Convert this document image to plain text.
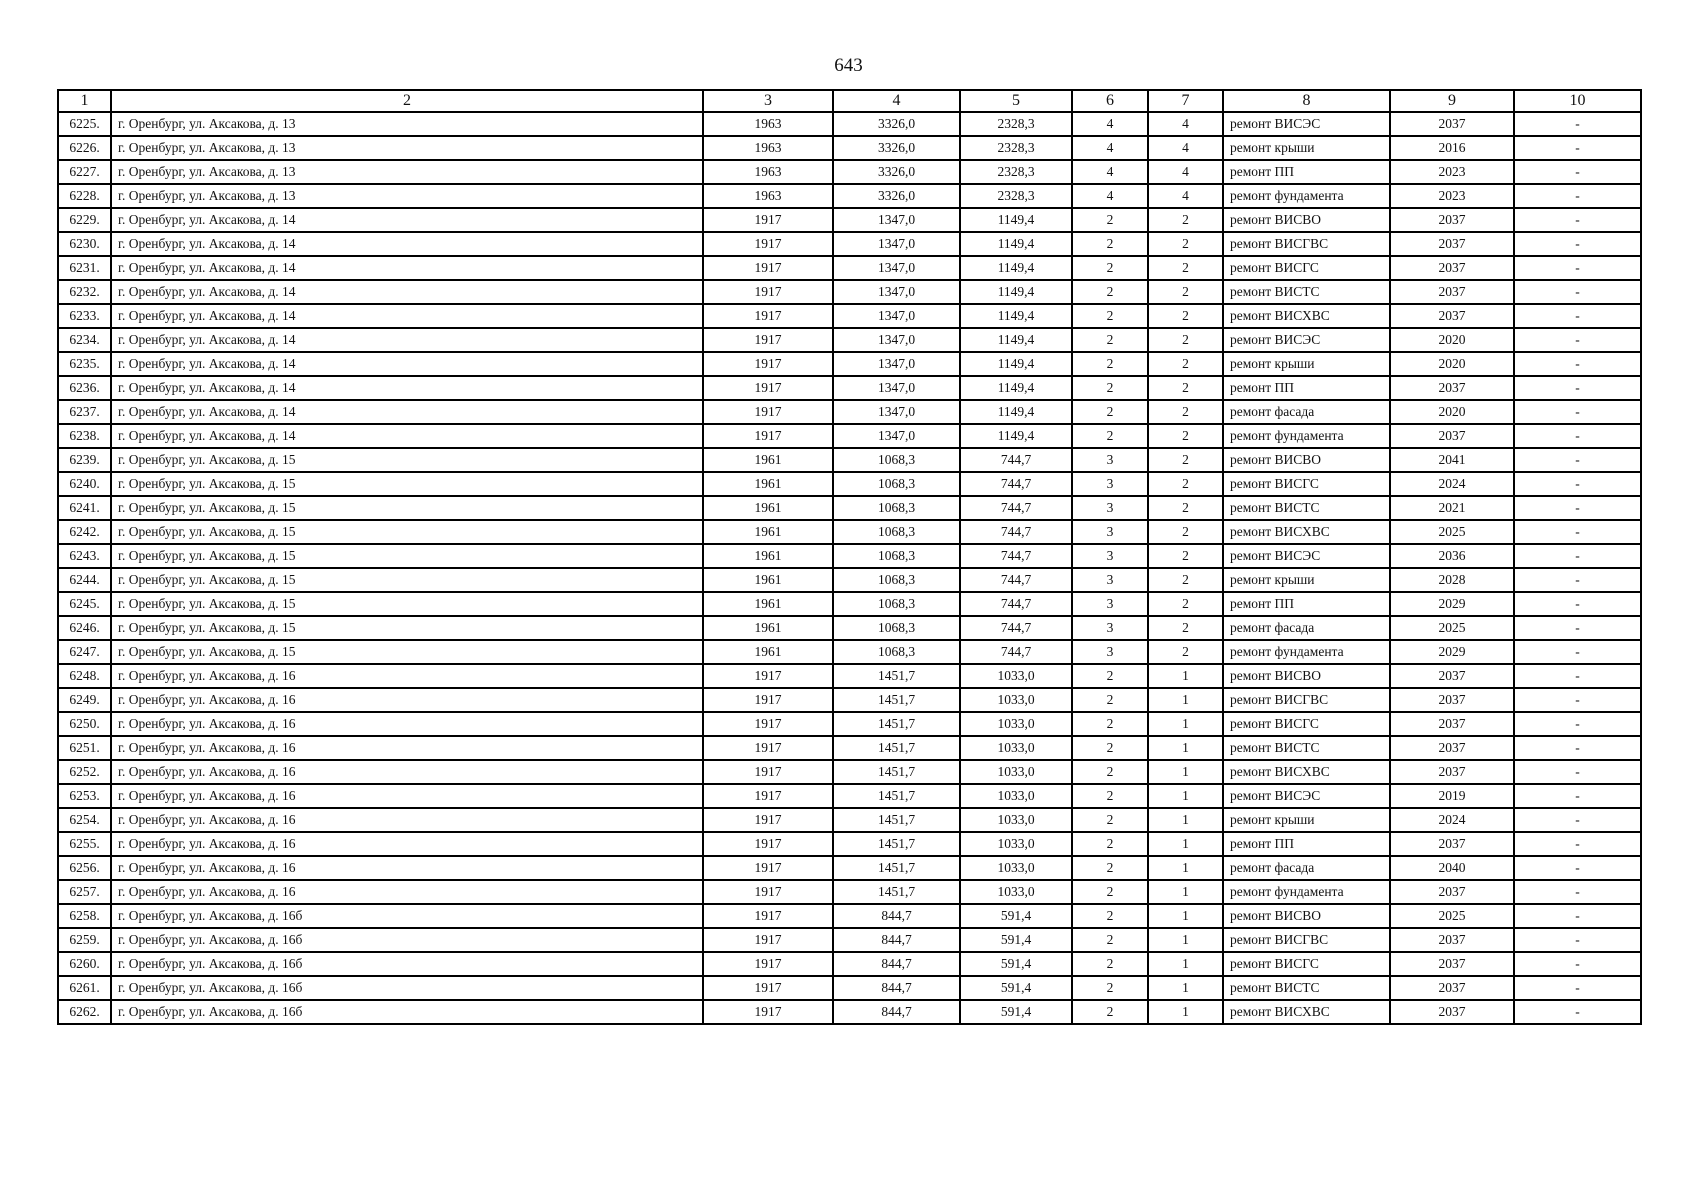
643
1	2	3	4	5	6	7	8	9	10
6225.	г. Оренбург, ул. Аксакова, д. 13	1963	3326,0	2328,3	4	4	ремонт ВИСЭС	2037	-
6226.	г. Оренбург, ул. Аксакова, д. 13	1963	3326,0	2328,3	4	4	ремонт крыши	2016	-
6227.	г. Оренбург, ул. Аксакова, д. 13	1963	3326,0	2328,3	4	4	ремонт ПП	2023	-
6228.	г. Оренбург, ул. Аксакова, д. 13	1963	3326,0	2328,3	4	4	ремонт фундамента	2023	-
6229.	г. Оренбург, ул. Аксакова, д. 14	1917	1347,0	1149,4	2	2	ремонт ВИСВО	2037	-
6230.	г. Оренбург, ул. Аксакова, д. 14	1917	1347,0	1149,4	2	2	ремонт ВИСГВС	2037	-
6231.	г. Оренбург, ул. Аксакова, д. 14	1917	1347,0	1149,4	2	2	ремонт ВИСГС	2037	-
6232.	г. Оренбург, ул. Аксакова, д. 14	1917	1347,0	1149,4	2	2	ремонт ВИСТС	2037	-
6233.	г. Оренбург, ул. Аксакова, д. 14	1917	1347,0	1149,4	2	2	ремонт ВИСХВС	2037	-
6234.	г. Оренбург, ул. Аксакова, д. 14	1917	1347,0	1149,4	2	2	ремонт ВИСЭС	2020	-
6235.	г. Оренбург, ул. Аксакова, д. 14	1917	1347,0	1149,4	2	2	ремонт крыши	2020	-
6236.	г. Оренбург, ул. Аксакова, д. 14	1917	1347,0	1149,4	2	2	ремонт ПП	2037	-
6237.	г. Оренбург, ул. Аксакова, д. 14	1917	1347,0	1149,4	2	2	ремонт фасада	2020	-
6238.	г. Оренбург, ул. Аксакова, д. 14	1917	1347,0	1149,4	2	2	ремонт фундамента	2037	-
6239.	г. Оренбург, ул. Аксакова, д. 15	1961	1068,3	744,7	3	2	ремонт ВИСВО	2041	-
6240.	г. Оренбург, ул. Аксакова, д. 15	1961	1068,3	744,7	3	2	ремонт ВИСГС	2024	-
6241.	г. Оренбург, ул. Аксакова, д. 15	1961	1068,3	744,7	3	2	ремонт ВИСТС	2021	-
6242.	г. Оренбург, ул. Аксакова, д. 15	1961	1068,3	744,7	3	2	ремонт ВИСХВС	2025	-
6243.	г. Оренбург, ул. Аксакова, д. 15	1961	1068,3	744,7	3	2	ремонт ВИСЭС	2036	-
6244.	г. Оренбург, ул. Аксакова, д. 15	1961	1068,3	744,7	3	2	ремонт крыши	2028	-
6245.	г. Оренбург, ул. Аксакова, д. 15	1961	1068,3	744,7	3	2	ремонт ПП	2029	-
6246.	г. Оренбург, ул. Аксакова, д. 15	1961	1068,3	744,7	3	2	ремонт фасада	2025	-
6247.	г. Оренбург, ул. Аксакова, д. 15	1961	1068,3	744,7	3	2	ремонт фундамента	2029	-
6248.	г. Оренбург, ул. Аксакова, д. 16	1917	1451,7	1033,0	2	1	ремонт ВИСВО	2037	-
6249.	г. Оренбург, ул. Аксакова, д. 16	1917	1451,7	1033,0	2	1	ремонт ВИСГВС	2037	-
6250.	г. Оренбург, ул. Аксакова, д. 16	1917	1451,7	1033,0	2	1	ремонт ВИСГС	2037	-
6251.	г. Оренбург, ул. Аксакова, д. 16	1917	1451,7	1033,0	2	1	ремонт ВИСТС	2037	-
6252.	г. Оренбург, ул. Аксакова, д. 16	1917	1451,7	1033,0	2	1	ремонт ВИСХВС	2037	-
6253.	г. Оренбург, ул. Аксакова, д. 16	1917	1451,7	1033,0	2	1	ремонт ВИСЭС	2019	-
6254.	г. Оренбург, ул. Аксакова, д. 16	1917	1451,7	1033,0	2	1	ремонт крыши	2024	-
6255.	г. Оренбург, ул. Аксакова, д. 16	1917	1451,7	1033,0	2	1	ремонт ПП	2037	-
6256.	г. Оренбург, ул. Аксакова, д. 16	1917	1451,7	1033,0	2	1	ремонт фасада	2040	-
6257.	г. Оренбург, ул. Аксакова, д. 16	1917	1451,7	1033,0	2	1	ремонт фундамента	2037	-
6258.	г. Оренбург, ул. Аксакова, д. 16б	1917	844,7	591,4	2	1	ремонт ВИСВО	2025	-
6259.	г. Оренбург, ул. Аксакова, д. 16б	1917	844,7	591,4	2	1	ремонт ВИСГВС	2037	-
6260.	г. Оренбург, ул. Аксакова, д. 16б	1917	844,7	591,4	2	1	ремонт ВИСГС	2037	-
6261.	г. Оренбург, ул. Аксакова, д. 16б	1917	844,7	591,4	2	1	ремонт ВИСТС	2037	-
6262.	г. Оренбург, ул. Аксакова, д. 16б	1917	844,7	591,4	2	1	ремонт ВИСХВС	2037	-
